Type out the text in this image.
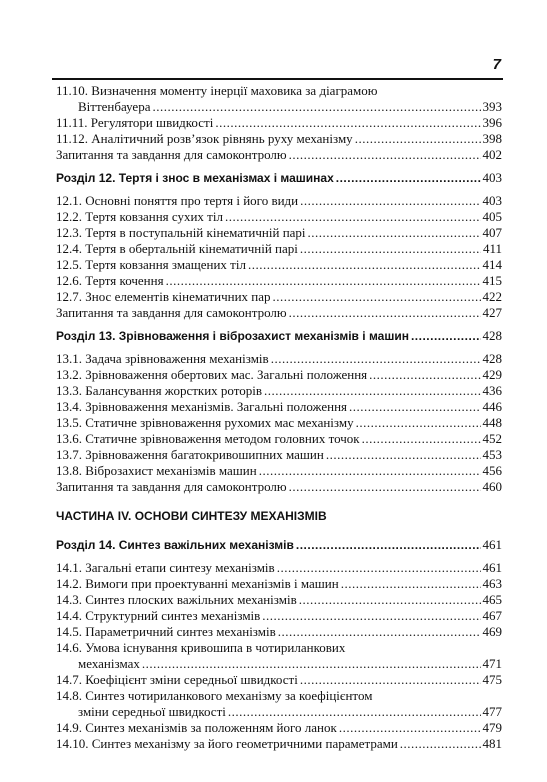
7
11.10. Визначення моменту інерції маховика за діаграмою
Віттенбауера .....	393
11.11. Регулятори швидкості .....	396
11.12. Аналітичний розв’язок рівнянь руху механізму .....	398
Запитання та завдання для самоконтролю .....	402
Розділ 12. Тертя і знос в механізмах і машинах .....	403
12.1. Основні поняття про тертя і його види .....	403
12.2. Тертя ковзання сухих тіл .....	405
12.3. Тертя в поступальній кінематичній парі .....	407
12.4. Тертя в обертальній кінематичній парі .....	411
12.5. Тертя ковзання змащених тіл .....	414
12.6. Тертя кочення .....	415
12.7. Знос елементів кінематичних пар .....	422
Запитання та завдання для самоконтролю .....	427
Розділ 13. Зрівноваження і віброзахист механізмів і машин .....	428
13.1. Задача зрівноваження механізмів .....	428
13.2. Зрівноваження обертових мас. Загальні положення .....	429
13.3. Балансування жорстких роторів .....	436
13.4. Зрівноваження механізмів. Загальні положення .....	446
13.5. Статичне зрівноваження рухомих мас механізму .....	448
13.6. Статичне зрівноваження методом головних точок .....	452
13.7. Зрівноваження багатокривошипних машин .....	453
13.8. Віброзахист механізмів машин .....	456
Запитання та завдання для самоконтролю .....	460
ЧАСТИНА IV. ОСНОВИ СИНТЕЗУ МЕХАНІЗМІВ
Розділ 14. Синтез важільних механізмів .....	461
14.1. Загальні етапи синтезу механізмів .....	461
14.2. Вимоги при проектуванні механізмів і машин .....	463
14.3. Синтез плоских важільних механізмів .....	465
14.4. Структурний синтез механізмів .....	467
14.5. Параметричний синтез механізмів .....	469
14.6. Умова існування кривошипа в чотириланкових
механізмах .....	471
14.7. Коефіцієнт зміни середньої швидкості .....	475
14.8. Синтез чотириланкового механізму за коефіцієнтом
зміни середньої швидкості .....	477
14.9. Синтез механізмів за положенням його ланок .....	479
14.10. Синтез механізму за його геометричними параметрами .....	481
